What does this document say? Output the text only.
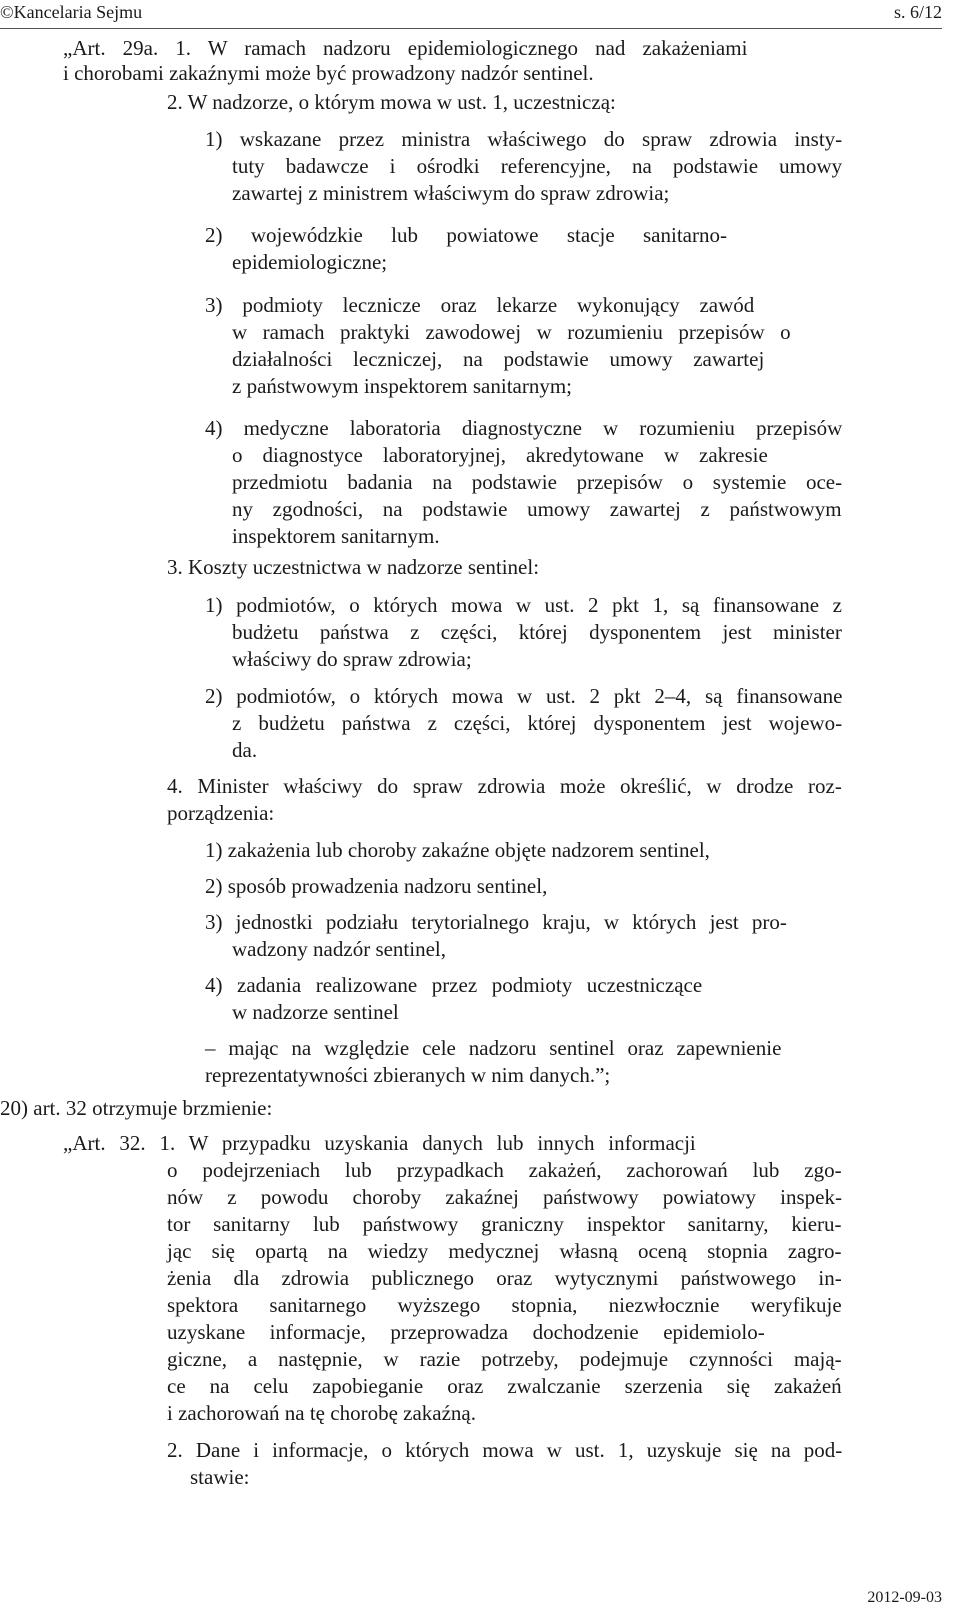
©Kancelaria Sejmu	s. 6/12
„Art. 29a. 1. W ramach nadzoru epidemiologicznego nad zakażeniami
i chorobami zakaźnymi może być prowadzony nadzór sentinel.
2. W nadzorze, o którym mowa w ust. 1, uczestniczą:
1) wskazane przez ministra właściwego do spraw zdrowia insty-
tuty badawcze i ośrodki referencyjne, na podstawie umowy
zawartej z ministrem właściwym do spraw zdrowia;
2) wojewódzkie lub powiatowe stacje sanitarno-
epidemiologiczne;
3) podmioty lecznicze oraz lekarze wykonujący zawód
w ramach praktyki zawodowej w rozumieniu przepisów o
działalności leczniczej, na podstawie umowy zawartej
z państwowym inspektorem sanitarnym;
4) medyczne laboratoria diagnostyczne w rozumieniu przepisów
o diagnostyce laboratoryjnej, akredytowane w zakresie
przedmiotu badania na podstawie przepisów o systemie oce-
ny zgodności, na podstawie umowy zawartej z państwowym
inspektorem sanitarnym.
3. Koszty uczestnictwa w nadzorze sentinel:
1) podmiotów, o których mowa w ust. 2 pkt 1, są finansowane z
budżetu państwa z części, której dysponentem jest minister
właściwy do spraw zdrowia;
2) podmiotów, o których mowa w ust. 2 pkt 2–4, są finansowane
z budżetu państwa z części, której dysponentem jest wojewo-
da.
4. Minister właściwy do spraw zdrowia może określić, w drodze roz-
porządzenia:
1) zakażenia lub choroby zakaźne objęte nadzorem sentinel,
2) sposób prowadzenia nadzoru sentinel,
3) jednostki podziału terytorialnego kraju, w których jest pro-
wadzony nadzór sentinel,
4) zadania realizowane przez podmioty uczestniczące
w nadzorze sentinel
– mając na względzie cele nadzoru sentinel oraz zapewnienie
reprezentatywności zbieranych w nim danych.”;
20) art. 32 otrzymuje brzmienie:
„Art. 32. 1. W przypadku uzyskania danych lub innych informacji
o podejrzeniach lub przypadkach zakażeń, zachorowań lub zgo-
nów z powodu choroby zakaźnej państwowy powiatowy inspek-
tor sanitarny lub państwowy graniczny inspektor sanitarny, kieru-
jąc się opartą na wiedzy medycznej własną oceną stopnia zagro-
żenia dla zdrowia publicznego oraz wytycznymi państwowego in-
spektora sanitarnego wyższego stopnia, niezwłocznie weryfikuje
uzyskane informacje, przeprowadza dochodzenie epidemiolo-
giczne, a następnie, w razie potrzeby, podejmuje czynności mają-
ce na celu zapobieganie oraz zwalczanie szerzenia się zakażeń
i zachorowań na tę chorobę zakaźną.
2. Dane i informacje, o których mowa w ust. 1, uzyskuje się na pod-
stawie:
2012-09-03
